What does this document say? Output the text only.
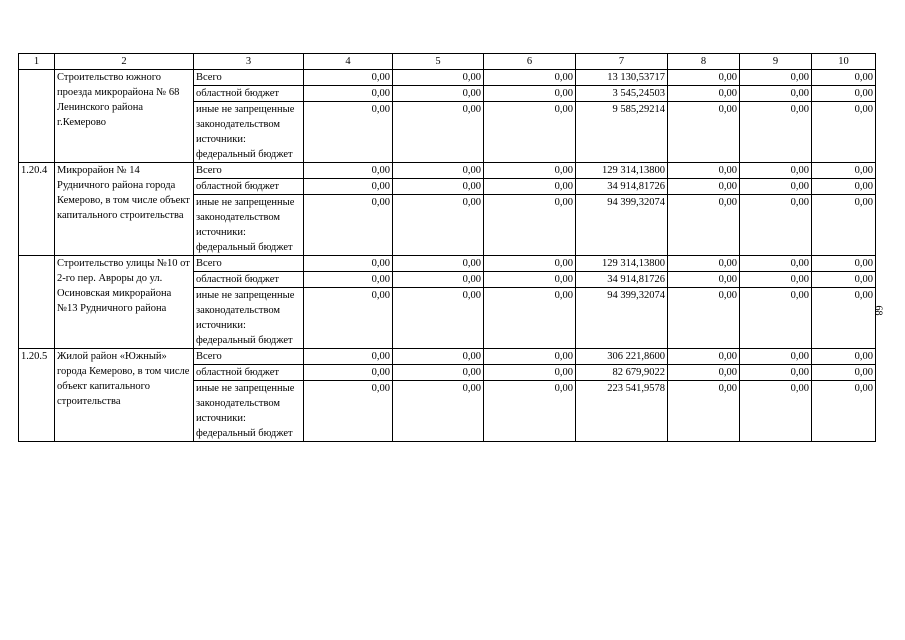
1	2	3	4	5	6	7	8	9	10
	Строительство южного проезда микрорайона № 68 Ленинского района г.Кемерово	Всего	0,00	0,00	0,00	13 130,53717	0,00	0,00	0,00
		областной бюджет	0,00	0,00	0,00	3 545,24503	0,00	0,00	0,00
		иные не запрещенные законодательством источники: федеральный бюджет	0,00	0,00	0,00	9 585,29214	0,00	0,00	0,00
1.20.4	Микрорайон № 14 Рудничного района города Кемерово, в том числе объект капитального строительства	Всего	0,00	0,00	0,00	129 314,13800	0,00	0,00	0,00
		областной бюджет	0,00	0,00	0,00	34 914,81726	0,00	0,00	0,00
		иные не запрещенные законодательством источники: федеральный бюджет	0,00	0,00	0,00	94 399,32074	0,00	0,00	0,00
	Строительство улицы №10 от 2-го пер. Авроры до ул. Осиновская микрорайона №13 Рудничного района	Всего	0,00	0,00	0,00	129 314,13800	0,00	0,00	0,00
		областной бюджет	0,00	0,00	0,00	34 914,81726	0,00	0,00	0,00
		иные не запрещенные законодательством источники: федеральный бюджет	0,00	0,00	0,00	94 399,32074	0,00	0,00	0,00
1.20.5	Жилой район «Южный» города Кемерово, в том числе объект капитального строительства	Всего	0,00	0,00	0,00	306 221,8600	0,00	0,00	0,00
		областной бюджет	0,00	0,00	0,00	82 679,9022	0,00	0,00	0,00
		иные не запрещенные законодательством источники: федеральный бюджет	0,00	0,00	0,00	223 541,9578	0,00	0,00	0,00
68
